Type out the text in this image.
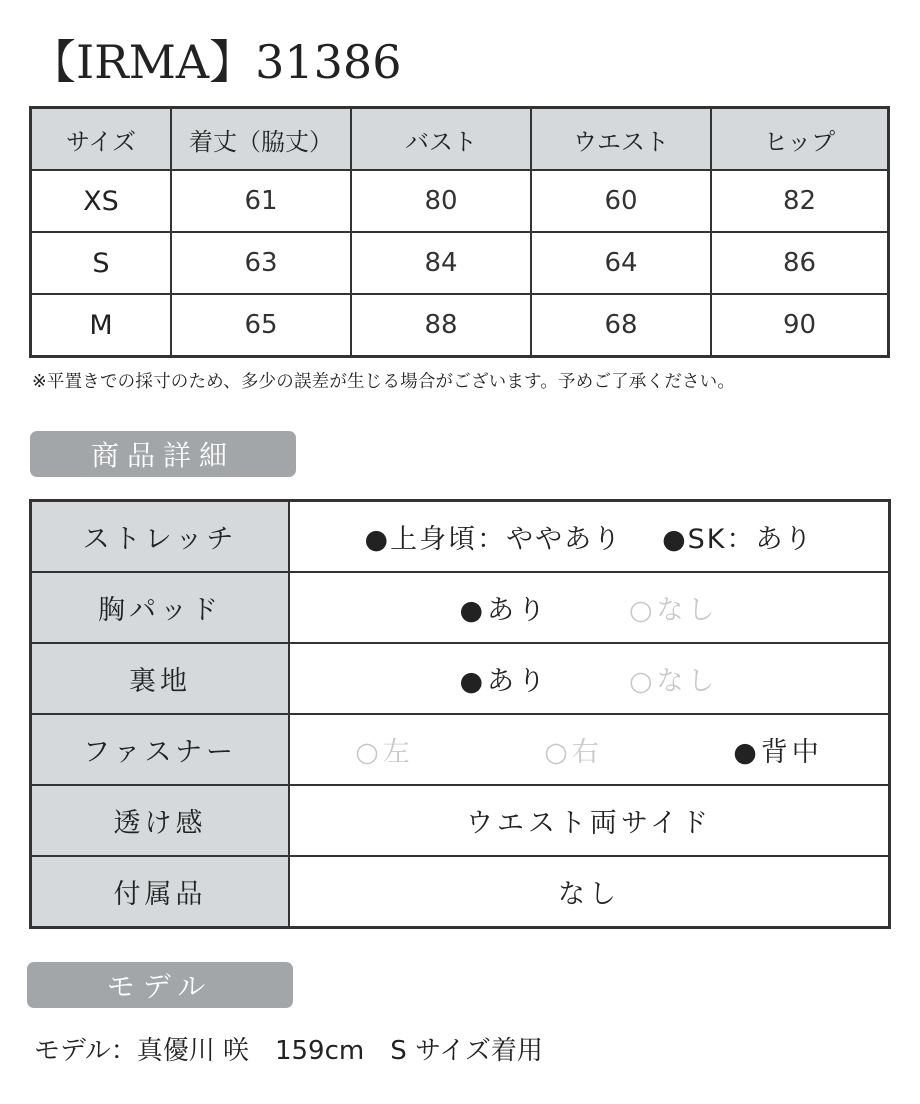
【IRMA】31386
サイズ	着丈（脇丈）	バスト	ウエスト	ヒップ
XS	61	80	60	82
S	63	84	64	86
M	65	88	68	90
※平置きでの採寸のため、多少の誤差が生じる場合がございます。予めご了承ください。
商品詳細
ストレッチ	●上身頃：ややあり ●SK：あり

胸パッド	●あり ○なし

裏地	●あり ○なし

ファスナー	○左 ○右 ●背中

透け感	ウエスト両サイド
付属品	なし
モデル
モデル：真優川 咲　159cm　S サイズ着用
